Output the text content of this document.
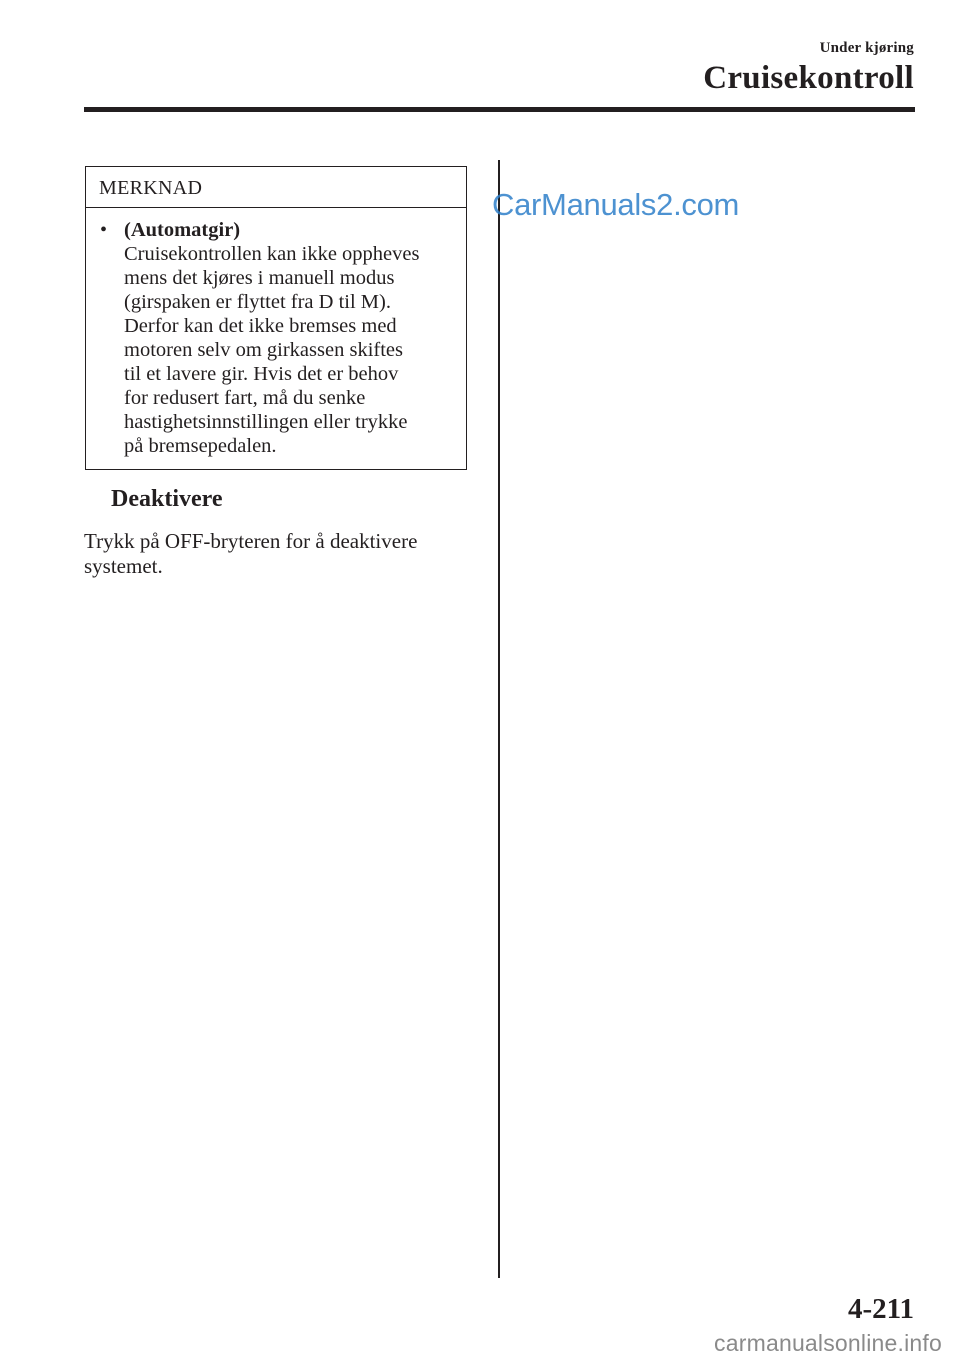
Under kjøring
Cruisekontroll
MERKNAD
• (Automatgir)
Cruisekontrollen kan ikke oppheves
mens det kjøres i manuell modus
(girspaken er flyttet fra D til M).
Derfor kan det ikke bremses med
motoren selv om girkassen skiftes
til et lavere gir. Hvis det er behov
for redusert fart, må du senke
hastighetsinnstillingen eller trykke
på bremsepedalen.
Deaktivere
Trykk på OFF-bryteren for å deaktivere
systemet.
CarManuals2.com
4-211
carmanualsonline.info
